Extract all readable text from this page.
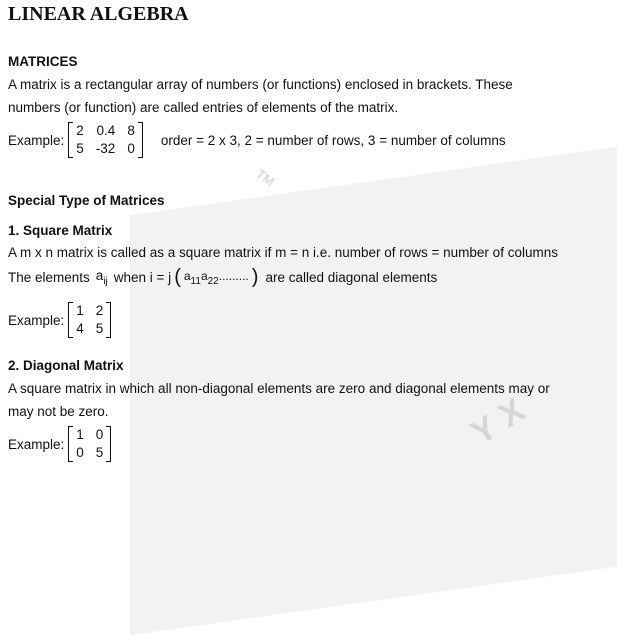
TM
YX
LINEAR ALGEBRA
MATRICES
A matrix is a rectangular array of numbers (or functions) enclosed in brackets. These
numbers (or function) are called entries of elements of the matrix.
Example:
2 0.4 8
5 -32 0
order = 2 x 3, 2 = number of rows, 3 = number of columns
Special Type of Matrices
1. Square Matrix
A m x n matrix is called as a square matrix if m = n i.e. number of rows = number of columns
The elements $a_{ij}$ when i = j ( $a_{11}a_{22}$......... ) are called diagonal elements
Example:
1 2
4 5
2. Diagonal Matrix
A square matrix in which all non-diagonal elements are zero and diagonal elements may or
may not be zero.
Example:
1 0
0 5
